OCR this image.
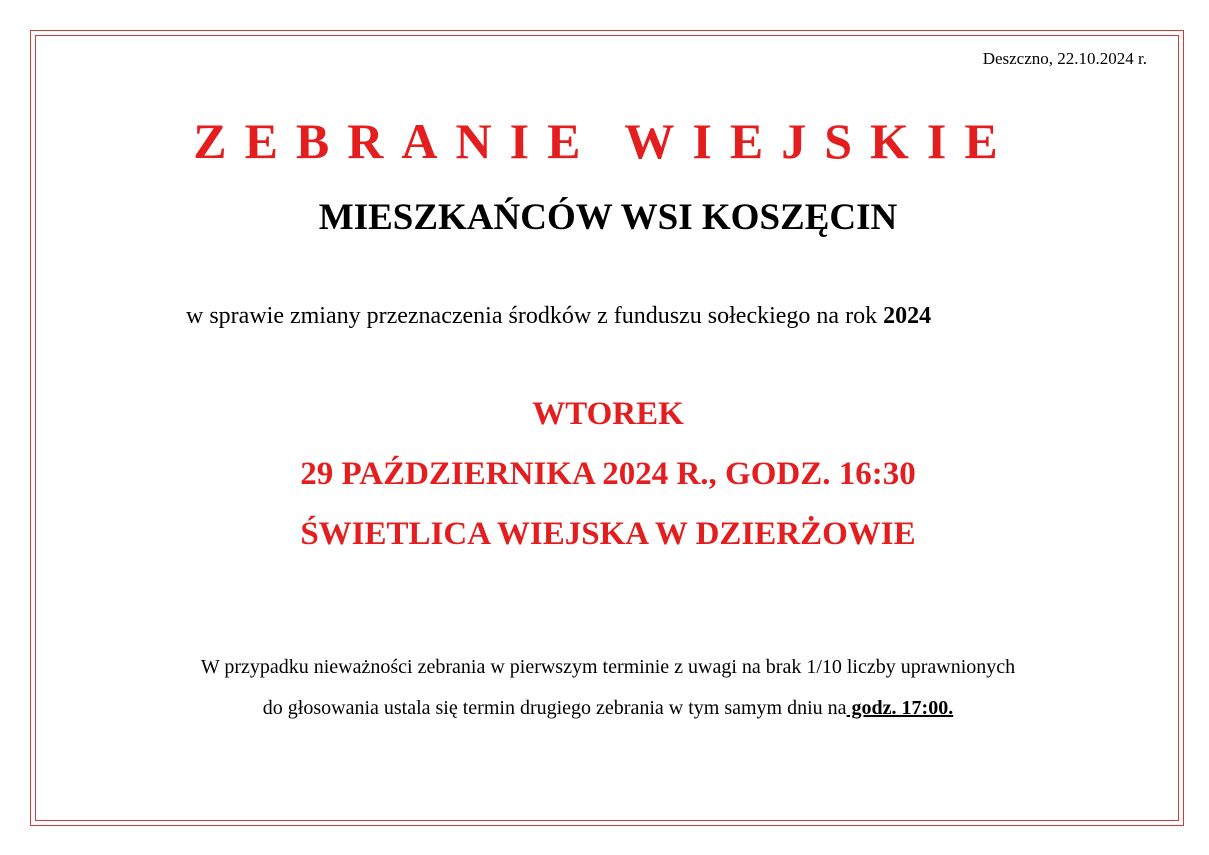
Deszczno, 22.10.2024 r.
ZEBRANIE WIEJSKIE
MIESZKAŃCÓW WSI KOSZĘCIN
w sprawie zmiany przeznaczenia środków z funduszu sołeckiego na rok 2024
WTOREK
29 PAŹDZIERNIKA 2024 R., GODZ. 16:30
ŚWIETLICA WIEJSKA W DZIERŻOWIE
W przypadku nieważności zebrania w pierwszym terminie z uwagi na brak 1/10 liczby uprawnionych
do głosowania ustala się termin drugiego zebrania w tym samym dniu na godz. 17:00.
